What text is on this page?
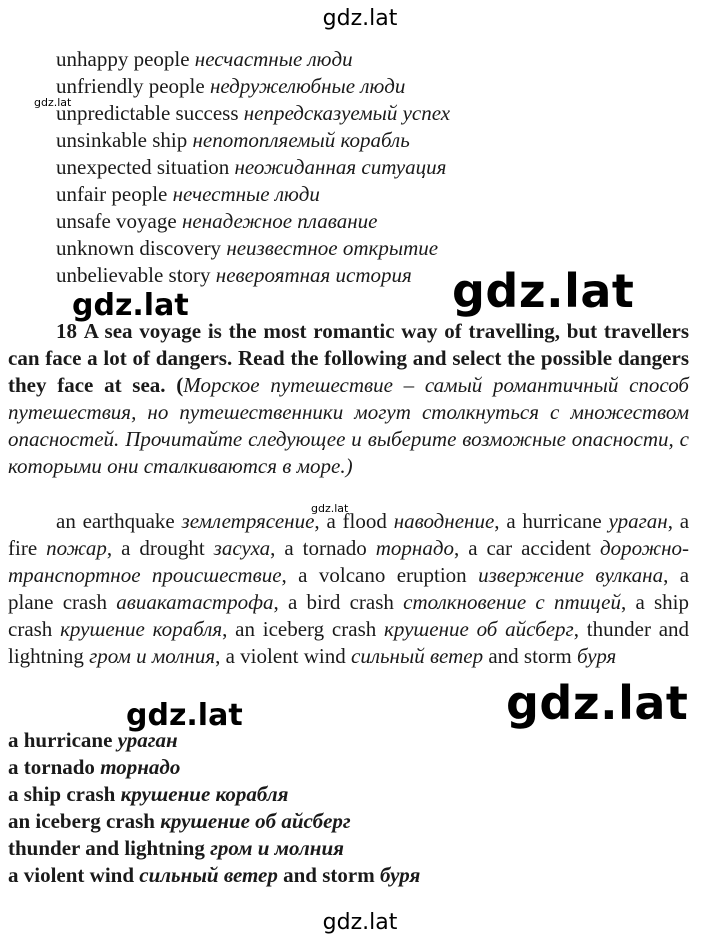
gdz.lat
gdz.lat
gdz.lat	gdz.lat
gdz.lat
gdz.lat	gdz.lat
gdz.lat
unhappy people несчастные люди
unfriendly people недружелюбные люди
unpredictable success непредсказуемый успех
unsinkable ship непотопляемый корабль
unexpected situation неожиданная ситуация
unfair people нечестные люди
unsafe voyage ненадежное плавание
unknown discovery неизвестное открытие
unbelievable story невероятная история

18 A sea voyage is the most romantic way of travelling, but travellers can face a lot of dangers. Read the following and select the possible dangers they face at sea. (Морское путешествие – самый романтичный способ путешествия, но путешественники могут столкнуться с множеством опасностей. Прочитайте следующее и выберите возможные опасности, с которыми они сталкиваются в море.)

an earthquake землетрясение, a flood наводнение, a hurricane ураган, a fire пожар, a drought засуха, a tornado торнадо, a car accident дорожно-транспортное происшествие, a volcano eruption извержение вулкана, a plane crash авиакатастрофа, a bird crash столкновение с птицей, a ship crash крушение корабля, an iceberg crash крушение об айсберг, thunder and lightning гром и молния, a violent wind сильный ветер and storm буря

a hurricane ураган
a tornado торнадо
a ship crash крушение корабля
an iceberg crash крушение об айсберг
thunder and lightning гром и молния
a violent wind сильный ветер and storm буря
